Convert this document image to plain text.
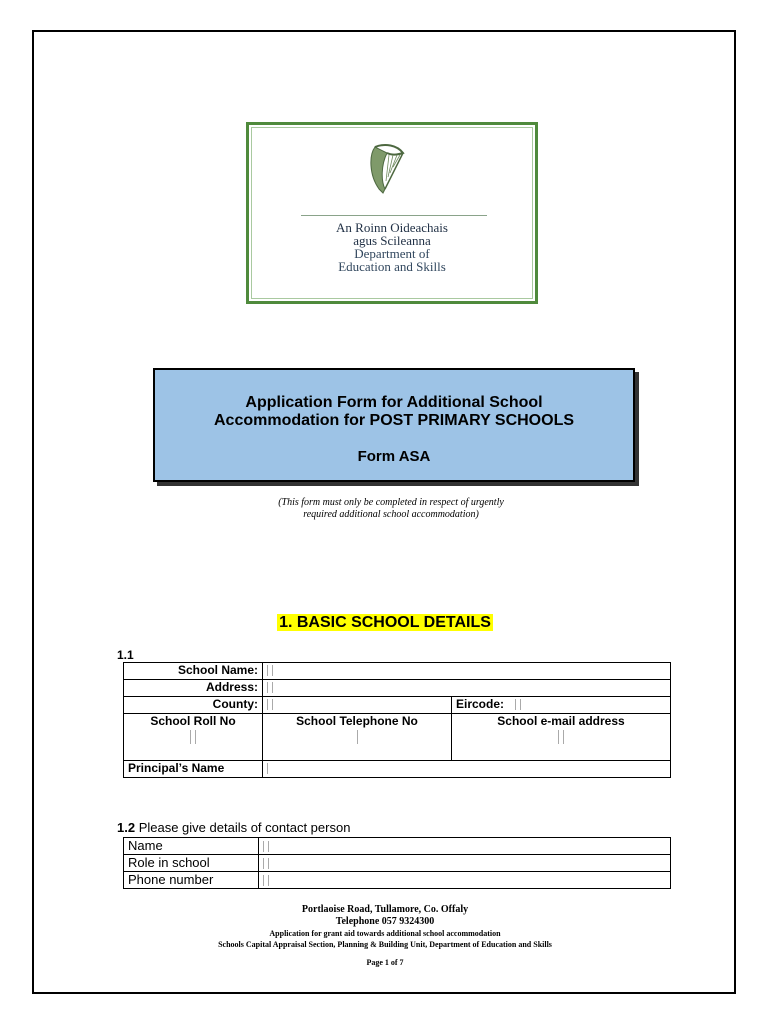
An Roinn Oideachais
agus Scileanna
Department of
Education and Skills
Application Form for Additional School
Accommodation for POST PRIMARY SCHOOLS
Form ASA
(This form must only be completed in respect of urgently
required additional school accommodation)
1. BASIC SCHOOL DETAILS
1.1
School Name:		
Address:		
County:		Eircode:

School Roll No	School Telephone No	School e-mail address

Principal’s Name		
1.2 Please give details of contact person
Name	
Role in school	
Phone number	
Portlaoise Road, Tullamore, Co. Offaly
Telephone 057 9324300
Application for grant aid towards additional school accommodation
Schools Capital Appraisal Section, Planning & Building Unit, Department of Education and Skills
Page 1 of 7
